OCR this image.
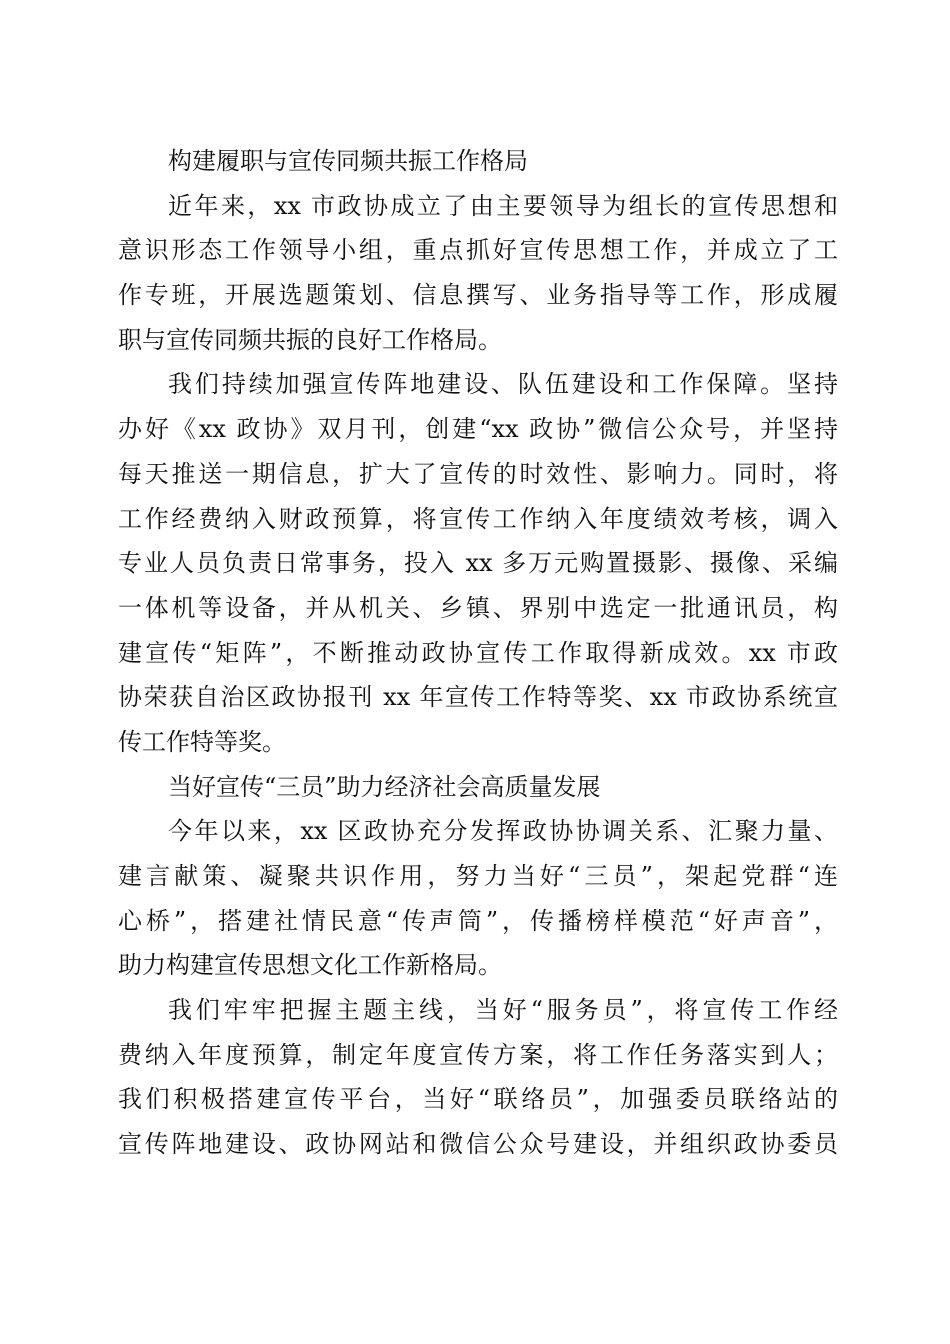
构建履职与宣传同频共振工作格局
近年来，xx 市政协成立了由主要领导为组长的宣传思想和
意识形态工作领导小组，重点抓好宣传思想工作，并成立了工
作专班，开展选题策划、信息撰写、业务指导等工作，形成履
职与宣传同频共振的良好工作格局。
我们持续加强宣传阵地建设、队伍建设和工作保障。坚持
办好《xx 政协》双月刊，创建“xx 政协”微信公众号，并坚持
每天推送一期信息，扩大了宣传的时效性、影响力。同时，将
工作经费纳入财政预算，将宣传工作纳入年度绩效考核，调入
专业人员负责日常事务，投入 xx 多万元购置摄影、摄像、采编
一体机等设备，并从机关、乡镇、界别中选定一批通讯员，构
建宣传“矩阵”，不断推动政协宣传工作取得新成效。xx 市政
协荣获自治区政协报刊 xx 年宣传工作特等奖、xx 市政协系统宣
传工作特等奖。
当好宣传“三员”助力经济社会高质量发展
今年以来，xx 区政协充分发挥政协协调关系、汇聚力量、
建言献策、凝聚共识作用，努力当好“三员”，架起党群“连
心桥”，搭建社情民意“传声筒”，传播榜样模范“好声音”，
助力构建宣传思想文化工作新格局。
我们牢牢把握主题主线，当好“服务员”，将宣传工作经
费纳入年度预算，制定年度宣传方案，将工作任务落实到人；
我们积极搭建宣传平台，当好“联络员”，加强委员联络站的
宣传阵地建设、政协网站和微信公众号建设，并组织政协委员
